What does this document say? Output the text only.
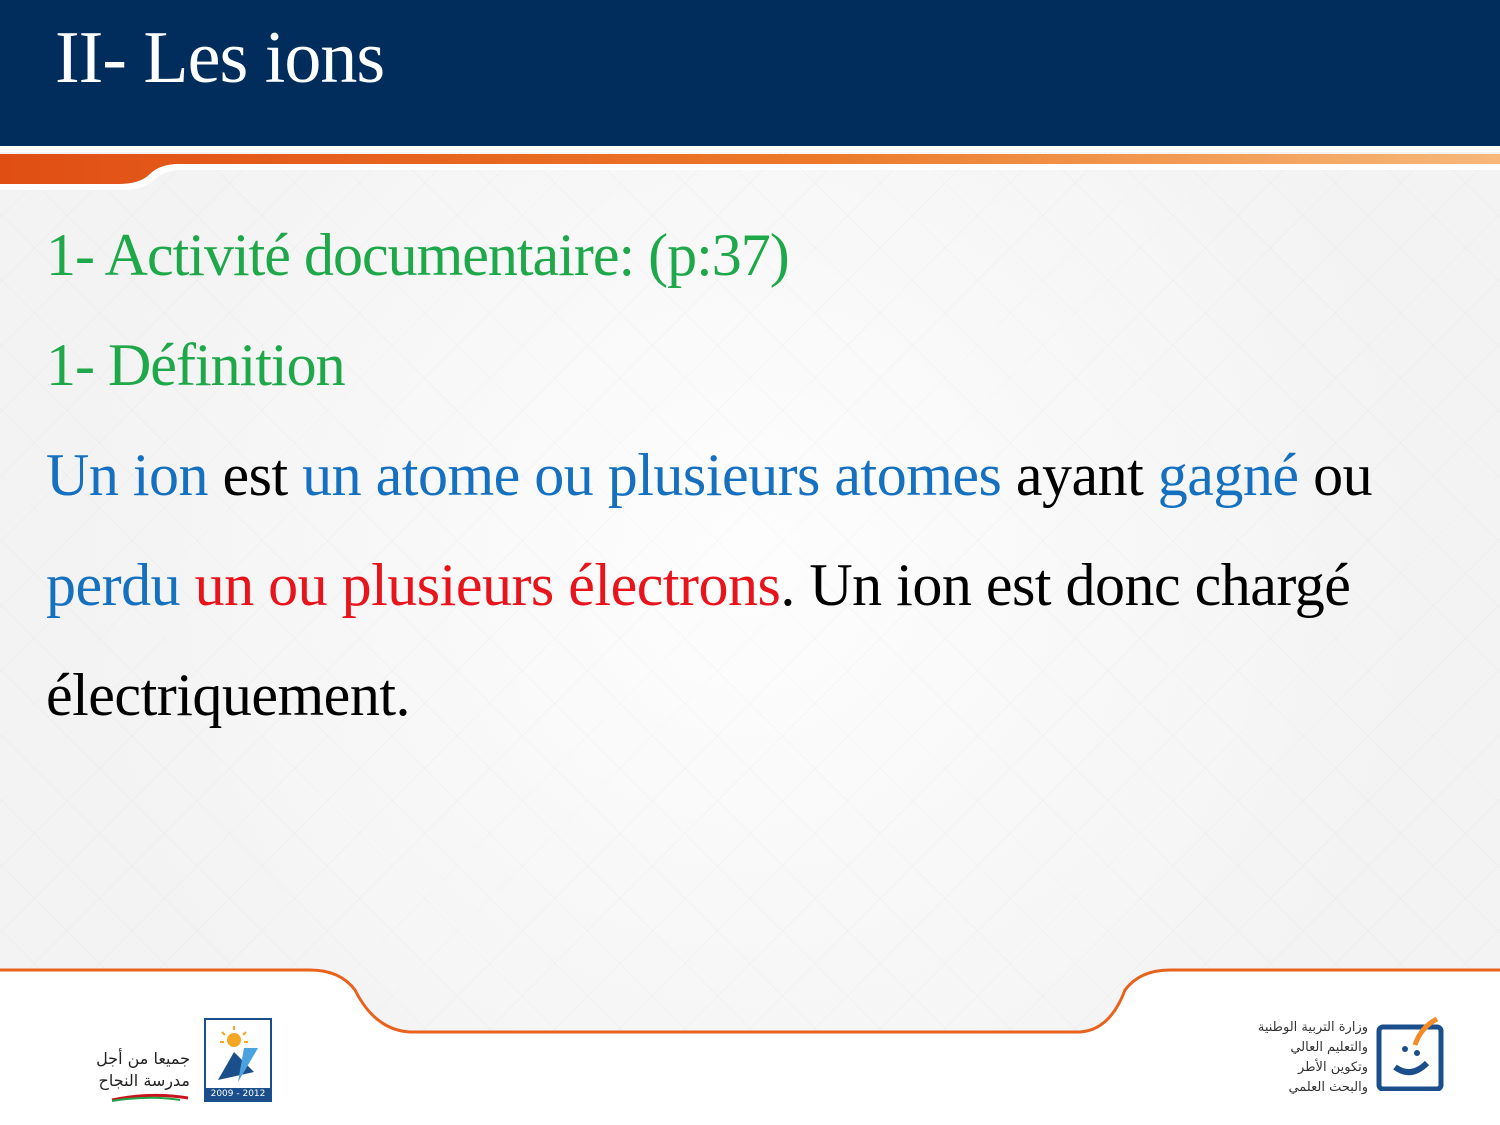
II- Les ions

1- Activité documentaire: (p:37)

1- Définition

Un ion est un atome ou plusieurs atomes ayant gagné ou perdu un ou plusieurs électrons. Un ion est donc chargé électriquement.

جميعا من أجل
مدرسة النجاح
2009 - 2012
وزارة التربية الوطنية
والتعليم العالي
وتكوين الأطر
والبحث العلمي
